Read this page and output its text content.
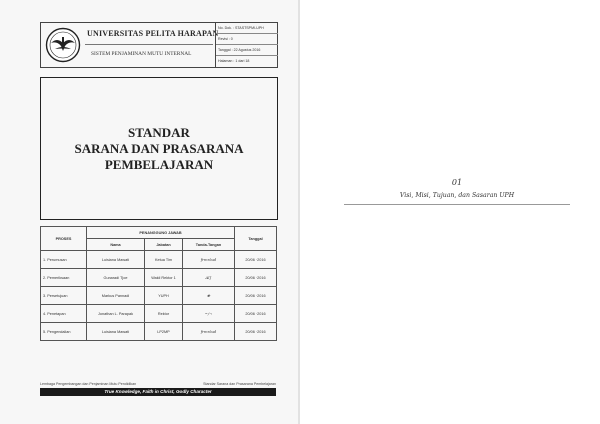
UNIVERSITAS PELITA HARAPAN
SISTEM PENJAMINAN MUTU INTERNAL
No. Dok. : STASTSPMI-UPH
Revisi : 0
Tanggal : 22 Agustus 2016
Halaman : 1 dari 18
STANDAR
SARANA DAN PRASARANA
PEMBELAJARAN
PROSES	PENANGGUNG JAWAB			Tanggal
	Nama	Jabatan	Tanda-Tangan	
1. Perumusan	Luisiana Mawati	Ketua Tim	frmr∂ud	20/06 ·2016
2. Pemeriksaan	Gunaradi Tjoe	Wakil Rektor 1	Al∫	20/06 ·2016
3. Persetujuan	Markus Pannadi	YUPH	❀	20/06 ·2016
4. Penetapan	Jonathan L. Parapak	Rektor	~/¬	20/06 ·2016
5. Pengendalian	Luisiana Mawati	LP2MP	frmr∂ud	20/06 ·2016
Lembaga Pengembangan dan Penjaminan Mutu Pendidikan	Standar Sarana dan Prasarana Pembelajaran
True Knowledge, Faith in Christ, Godly Character
01
Visi, Misi, Tujuan, dan Sasaran UPH
